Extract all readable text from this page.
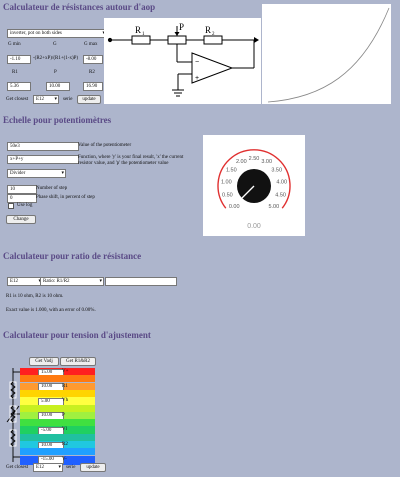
Calculateur de résistances autour d'aop
inverter, pot on both sides ▾
G min	G	G max
-1.10	-(R2+xP)/(R1+(1-x)P)	-8.00
R1	P	R2
5.36	10.00	16.90
Get closest	E12 ▾	serie	update
R 1
P R 2
−
+
Echelle pour potentiomètres
50e3	Value of the potentiometer
x+P+y	Function, where 'y' is your final result, 'x' the current resistor value, and 'p' the potentiometer value
Divider ▾
10	Number of step
0	Phase shift, in percent of step
Use log
Change
0.00
0.50
1.00
1.50
2.00
2.50
3.00
3.50
4.00
4.50
5.00
0.00
Calculateur pour ratio de résistance
E12 ▾	Ratio: R1/R2 ▾
R1 is 10 ohm, R2 is 10 ohm.
Exact value is 1.000, with an error of 0.00%.
Calculateur pour tension d'ajustement
Get Vadj	Get R1&R2
15.00	V+
10.00	R1
5.00	Vh
10.00	P
-5.00	Vl
10.00	R2
-15.00	V-
Get closest	E12 ▾	serie	update
